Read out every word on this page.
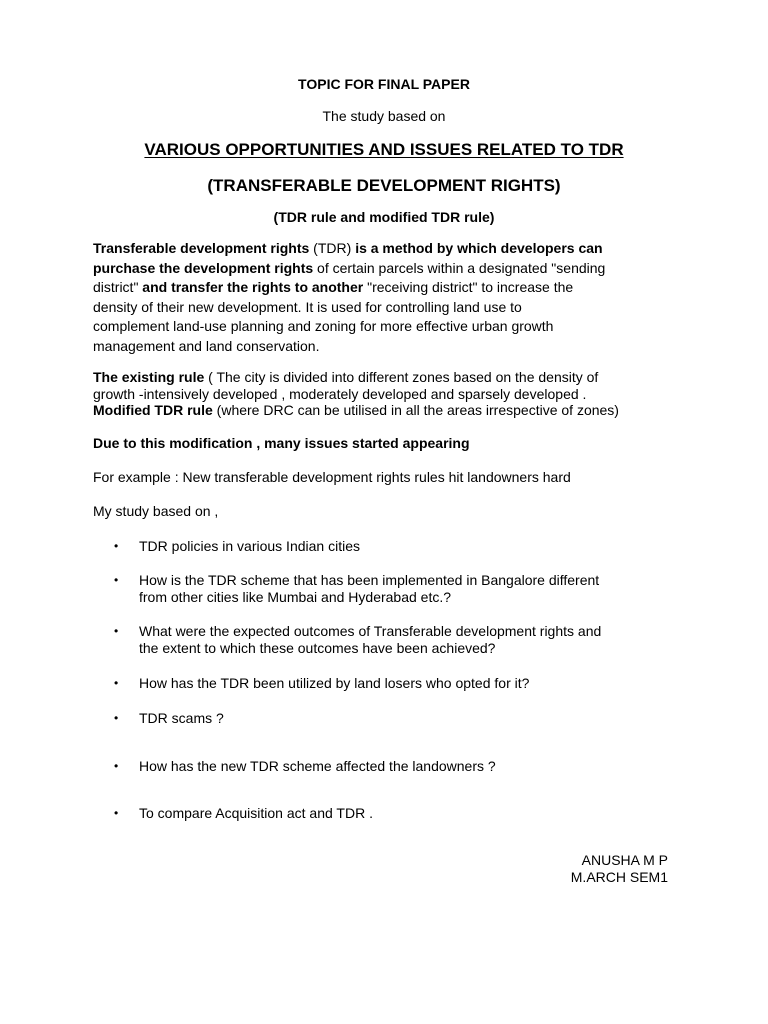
TOPIC FOR FINAL PAPER
The study based on
VARIOUS OPPORTUNITIES AND ISSUES RELATED TO TDR
(TRANSFERABLE DEVELOPMENT RIGHTS)
(TDR rule and modified TDR rule)
Transferable development rights (TDR) is a method by which developers can
purchase the development rights of certain parcels within a designated "sending
district" and transfer the rights to another "receiving district" to increase the
density of their new development. It is used for controlling land use to
complement land-use planning and zoning for more effective urban growth
management and land conservation.
The existing rule ( The city is divided into different zones based on the density of
growth -intensively developed , moderately developed and sparsely developed .
Modified TDR rule (where DRC can be utilised in all the areas irrespective of zones)
Due to this modification , many issues started appearing
For example : New transferable development rights rules hit landowners hard
My study based on ,
• TDR policies in various Indian cities
• How is the TDR scheme that has been implemented in Bangalore different
from other cities like Mumbai and Hyderabad etc.?
• What were the expected outcomes of Transferable development rights and
the extent to which these outcomes have been achieved?
• How has the TDR been utilized by land losers who opted for it?
• TDR scams ?
• How has the new TDR scheme affected the landowners ?
• To compare Acquisition act and TDR .
ANUSHA M P
M.ARCH SEM1
